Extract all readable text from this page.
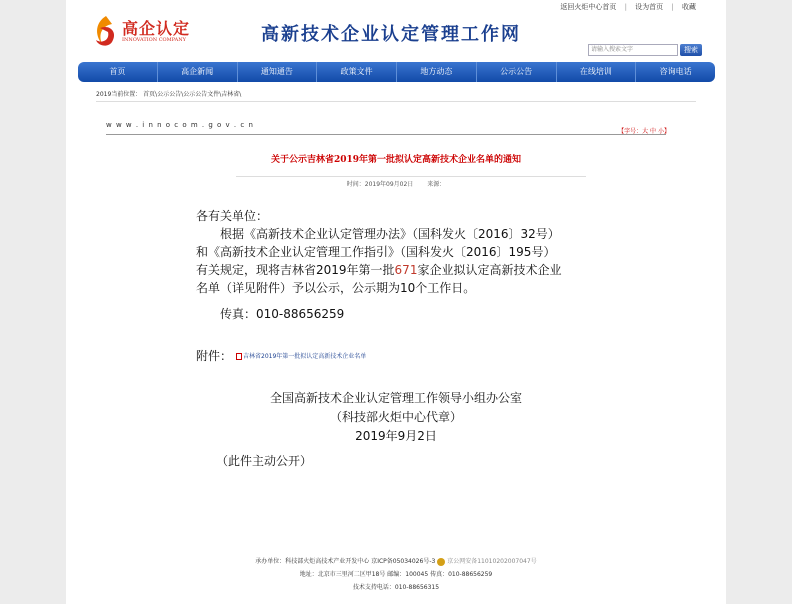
返回火炬中心首页 | 设为首页 | 收藏
高企认定
INNOVATION COMPANY	高新技术企业认定管理工作网
请输入搜索文字	搜索
首页	高企新闻	通知通告	政策文件	地方动态	公示公告	在线培训	咨询电话
2019当前位置： 首页\公示公告\公示公告文件\吉林省\
w w w . i n n o c o m . g o v . c n
【字号：大 中 小】
关于公示吉林省2019年第一批拟认定高新技术企业名单的通知
时间：2019年09月02日 来源：
各有关单位：
根据《高新技术企业认定管理办法》（国科发火〔2016〕32号）
和《高新技术企业认定管理工作指引》（国科发火〔2016〕195号）
有关规定，现将吉林省2019年第一批671家企业拟认定高新技术企业
名单（详见附件）予以公示，公示期为10个工作日。
传真：010-88656259
附件：	吉林省2019年第一批拟认定高新技术企业名单
全国高新技术企业认定管理工作领导小组办公室
（科技部火炬中心代章）
2019年9月2日
（此件主动公开）
承办单位：科技部火炬高技术产业开发中心 京ICP备05034026号-3 京公网安备11010202007047号
地址：北京市三里河二区甲18号 邮编：100045 传真：010-88656259
技术支持电话：010-88656315
